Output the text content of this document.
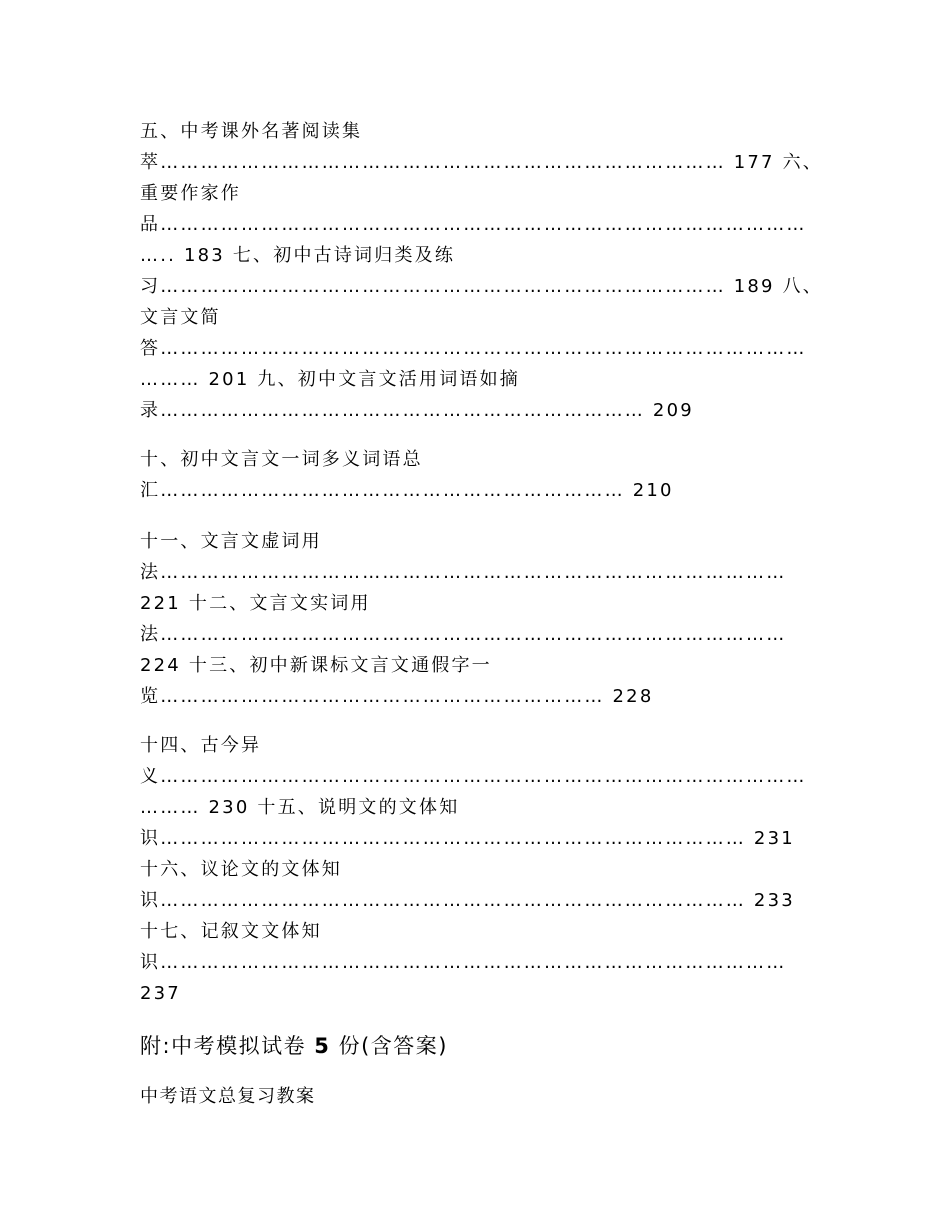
五、中考课外名著阅读集
萃………………………………………………………………………… 177 六、
重要作家作
品……………………………………………………………………………………
….. 183 七、初中古诗词归类及练
习………………………………………………………………………… 189 八、
文言文简
答……………………………………………………………………………………
……… 201 九、初中文言文活用词语如摘
录……………………………………………………………… 209
十、初中文言文一词多义词语总
汇…………………………………………………………… 210
十一、文言文虚词用
法…………………………………………………………………………………
221 十二、文言文实词用
法…………………………………………………………………………………
224 十三、初中新课标文言文通假字一
览………………………………………………………… 228
十四、古今异
义……………………………………………………………………………………
……… 230 十五、说明文的文体知
识…………………………………………………………………………… 231
十六、议论文的文体知
识…………………………………………………………………………… 233
十七、记叙文文体知
识…………………………………………………………………………………
237
附:中考模拟试卷 5 份(含答案)
中考语文总复习教案
